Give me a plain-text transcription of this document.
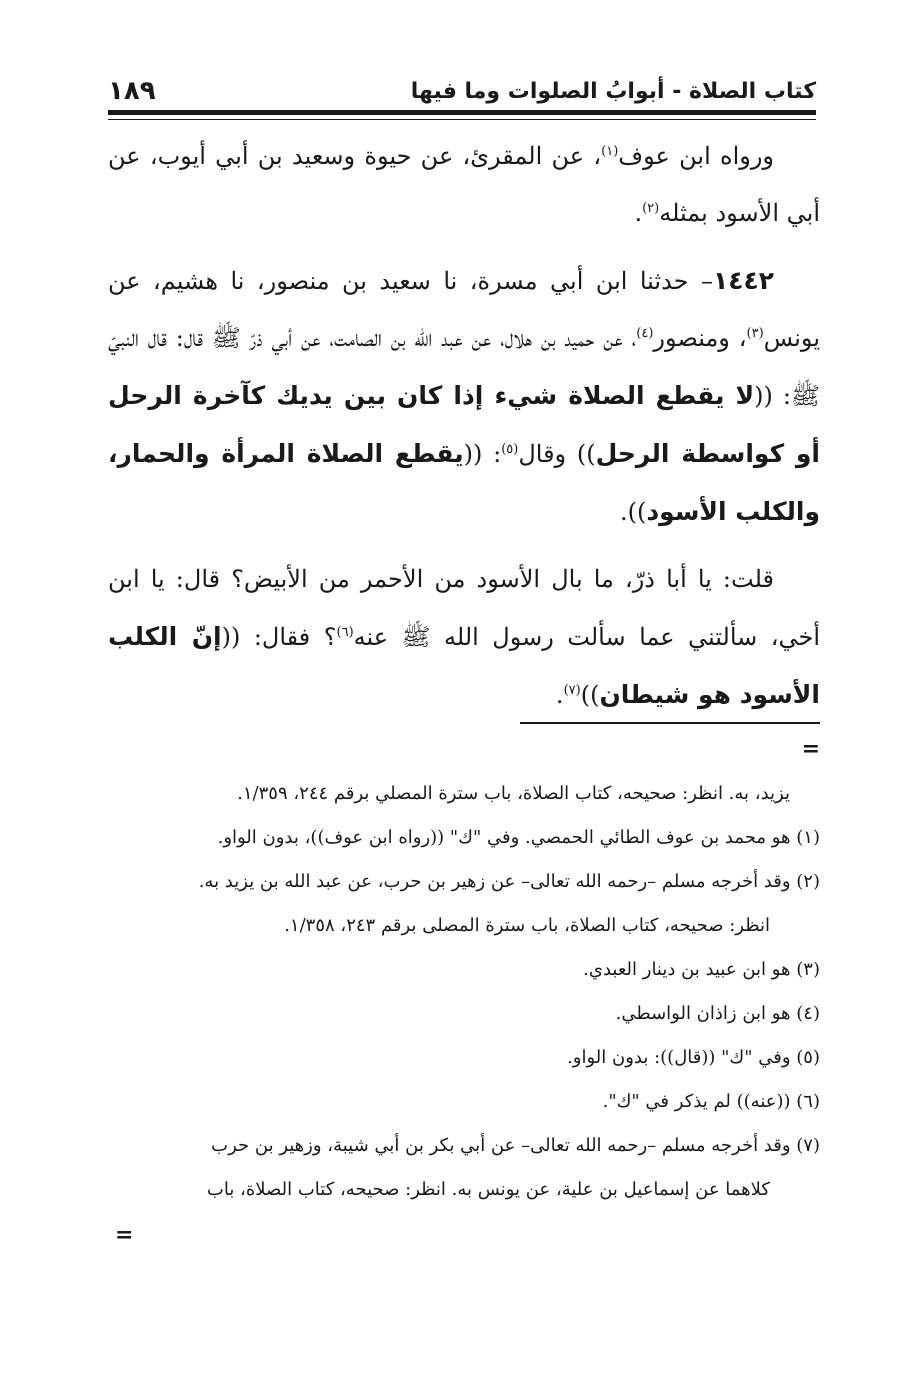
كتاب الصلاة - أبوابُ الصلوات وما فيها
١٨٩

ورواه ابن عوف$^{(١)}$، عن المقرئ، عن حيوة وسعيد بن أبي أيوب، عن أبي الأسود بمثله$^{(٢)}$.

١٤٤٢– حدثنا ابن أبي مسرة، نا سعيد بن منصور، نا هشيم، عن يونس$^{(٣)}$، ومنصور$^{(٤)}$، عن حميد بن هلال، عن عبد الله بن الصامت، عن أبي ذرّ ﷺ قال: قال النبيّ ﷺ: ((لا يقطع الصلاة شيء إذا كان بين يديك كآخرة الرحل أو كواسطة الرحل)) وقال$^{(٥)}$: ((يقطع الصلاة المرأة والحمار، والكلب الأسود)).

قلت: يا أبا ذرّ، ما بال الأسود من الأحمر من الأبيض؟ قال: يا ابن أخي، سألتني عما سألت رسول الله ﷺ عنه$^{(٦)}$؟ فقال: ((إنّ الكلب الأسود هو شيطان))$^{(٧)}$.

=

يزيد، به. انظر: صحيحه، كتاب الصلاة، باب سترة المصلي برقم ٢٤٤، ١/٣٥٩.

(١) هو محمد بن عوف الطائي الحمصي. وفي "ك" ((رواه ابن عوف))، بدون الواو.

(٢) وقد أخرجه مسلم –رحمه الله تعالى– عن زهير بن حرب، عن عبد الله بن يزيد به.

انظر: صحيحه، كتاب الصلاة، باب سترة المصلى برقم ٢٤٣، ١/٣٥٨.

(٣) هو ابن عبيد بن دينار العبدي.

(٤) هو ابن زاذان الواسطي.

(٥) وفي "ك" ((قال)): بدون الواو.

(٦) ((عنه)) لم يذكر في "ك".

(٧) وقد أخرجه مسلم –رحمه الله تعالى– عن أبي بكر بن أبي شيبة، وزهير بن حرب

كلاهما عن إسماعيل بن علية، عن يونس به. انظر: صحيحه، كتاب الصلاة، باب

=
